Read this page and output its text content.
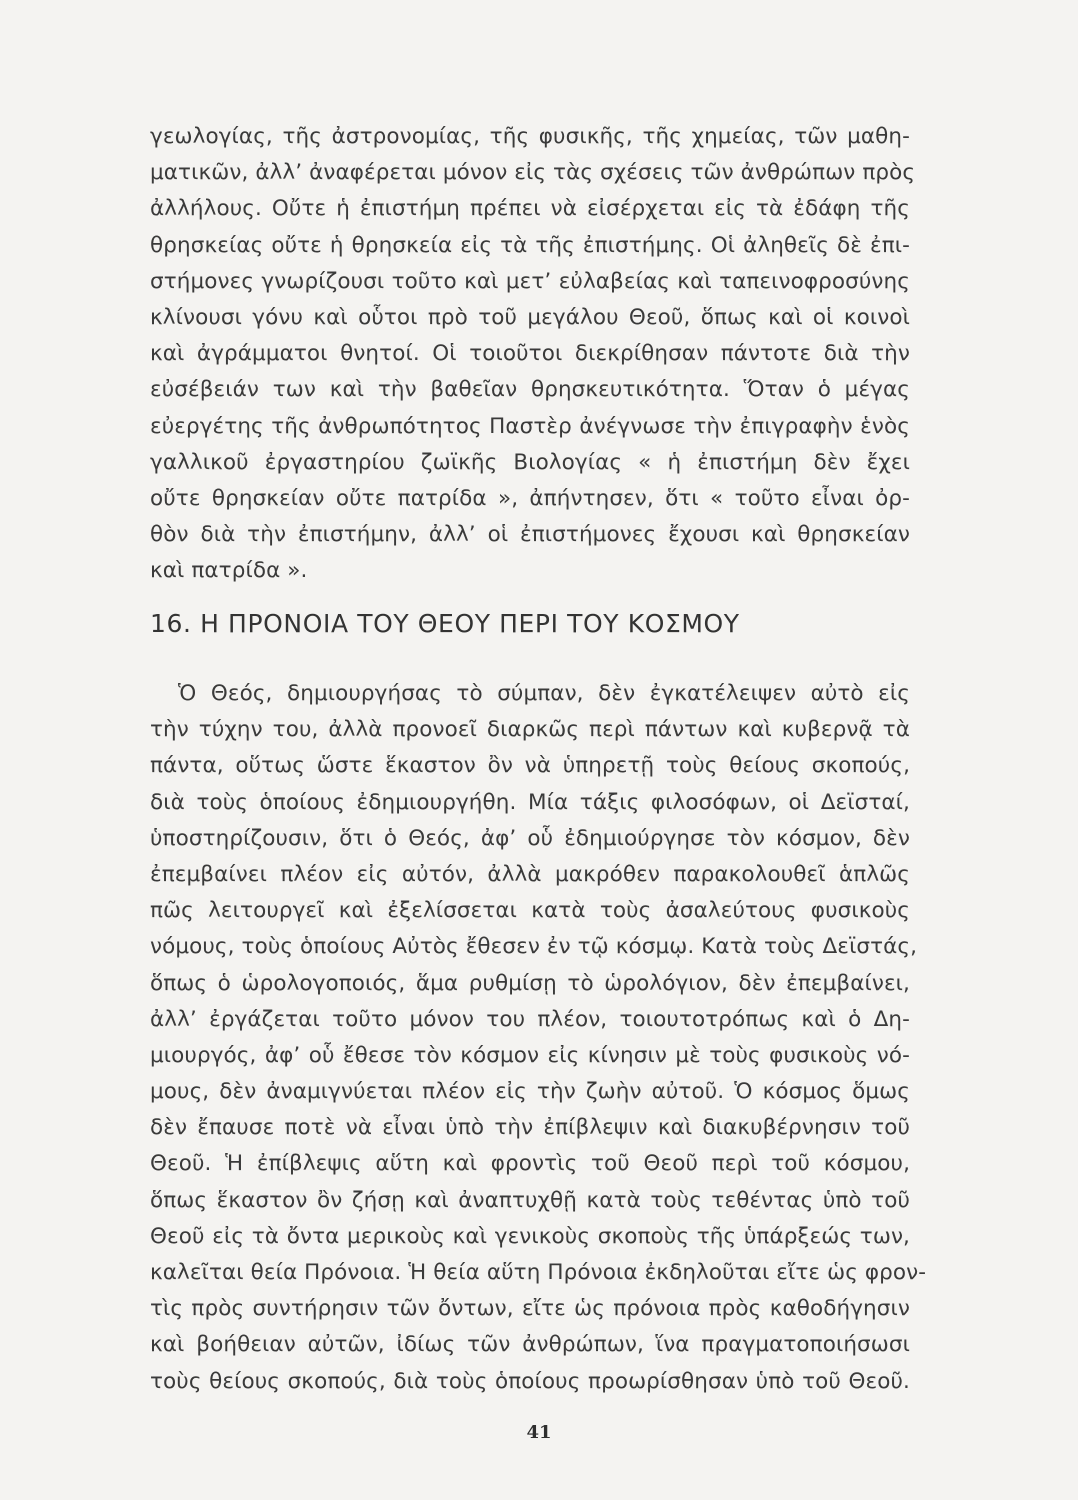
γεωλογίας, τῆς ἀστρονομίας, τῆς φυσικῆς, τῆς χημείας, τῶν μαθη-
ματικῶν, ἀλλ’ ἀναφέρεται μόνον εἰς τὰς σχέσεις τῶν ἀνθρώπων πρὸς
ἀλλήλους. Οὔτε ἡ ἐπιστήμη πρέπει νὰ εἰσέρχεται εἰς τὰ ἐδάφη τῆς
θρησκείας οὔτε ἡ θρησκεία εἰς τὰ τῆς ἐπιστήμης. Οἱ ἀληθεῖς δὲ ἐπι-
στήμονες γνωρίζουσι τοῦτο καὶ μετ’ εὐλαβείας καὶ ταπεινοφροσύνης
κλίνουσι γόνυ καὶ οὗτοι πρὸ τοῦ μεγάλου Θεοῦ, ὅπως καὶ οἱ κοινοὶ
καὶ ἀγράμματοι θνητοί. Οἱ τοιοῦτοι διεκρίθησαν πάντοτε διὰ τὴν
εὐσέβειάν των καὶ τὴν βαθεῖαν θρησκευτικότητα. Ὅταν ὁ μέγας
εὐεργέτης τῆς ἀνθρωπότητος Παστὲρ ἀνέγνωσε τὴν ἐπιγραφὴν ἑνὸς
γαλλικοῦ ἐργαστηρίου ζωϊκῆς Βιολογίας « ἡ ἐπιστήμη δὲν ἔχει
οὔτε θρησκείαν οὔτε πατρίδα », ἀπήντησεν, ὅτι « τοῦτο εἶναι ὀρ-
θὸν διὰ τὴν ἐπιστήμην, ἀλλ’ οἱ ἐπιστήμονες ἔχουσι καὶ θρησκείαν
καὶ πατρίδα ».
16. Η ΠΡΟΝΟΙΑ ΤΟΥ ΘΕΟΥ ΠΕΡΙ ΤΟΥ ΚΟΣΜΟΥ
Ὁ Θεός, δημιουργήσας τὸ σύμπαν, δὲν ἐγκατέλειψεν αὐτὸ εἰς
τὴν τύχην του, ἀλλὰ προνοεῖ διαρκῶς περὶ πάντων καὶ κυβερνᾷ τὰ
πάντα, οὕτως ὥστε ἕκαστον ὂν νὰ ὑπηρετῇ τοὺς θείους σκοπούς,
διὰ τοὺς ὁποίους ἐδημιουργήθη. Μία τάξις φιλοσόφων, οἱ Δεϊσταί,
ὑποστηρίζουσιν, ὅτι ὁ Θεός, ἀφ’ οὗ ἐδημιούργησε τὸν κόσμον, δὲν
ἐπεμβαίνει πλέον εἰς αὐτόν, ἀλλὰ μακρόθεν παρακολουθεῖ ἁπλῶς
πῶς λειτουργεῖ καὶ ἐξελίσσεται κατὰ τοὺς ἀσαλεύτους φυσικοὺς
νόμους, τοὺς ὁποίους Αὐτὸς ἔθεσεν ἐν τῷ κόσμῳ. Κατὰ τοὺς Δεϊστάς,
ὅπως ὁ ὡρολογοποιός, ἅμα ρυθμίσῃ τὸ ὡρολόγιον, δὲν ἐπεμβαίνει,
ἀλλ’ ἐργάζεται τοῦτο μόνον του πλέον, τοιουτοτρόπως καὶ ὁ Δη-
μιουργός, ἀφ’ οὗ ἔθεσε τὸν κόσμον εἰς κίνησιν μὲ τοὺς φυσικοὺς νό-
μους, δὲν ἀναμιγνύεται πλέον εἰς τὴν ζωὴν αὐτοῦ. Ὁ κόσμος ὅμως
δὲν ἔπαυσε ποτὲ νὰ εἶναι ὑπὸ τὴν ἐπίβλεψιν καὶ διακυβέρνησιν τοῦ
Θεοῦ. Ἡ ἐπίβλεψις αὕτη καὶ φροντὶς τοῦ Θεοῦ περὶ τοῦ κόσμου,
ὅπως ἕκαστον ὂν ζήσῃ καὶ ἀναπτυχθῇ κατὰ τοὺς τεθέντας ὑπὸ τοῦ
Θεοῦ εἰς τὰ ὄντα μερικοὺς καὶ γενικοὺς σκοποὺς τῆς ὑπάρξεώς των,
καλεῖται θεία Πρόνοια. Ἡ θεία αὕτη Πρόνοια ἐκδηλοῦται εἴτε ὡς φρον-
τὶς πρὸς συντήρησιν τῶν ὄντων, εἴτε ὡς πρόνοια πρὸς καθοδήγησιν
καὶ βοήθειαν αὐτῶν, ἰδίως τῶν ἀνθρώπων, ἵνα πραγματοποιήσωσι
τοὺς θείους σκοπούς, διὰ τοὺς ὁποίους προωρίσθησαν ὑπὸ τοῦ Θεοῦ.
41
